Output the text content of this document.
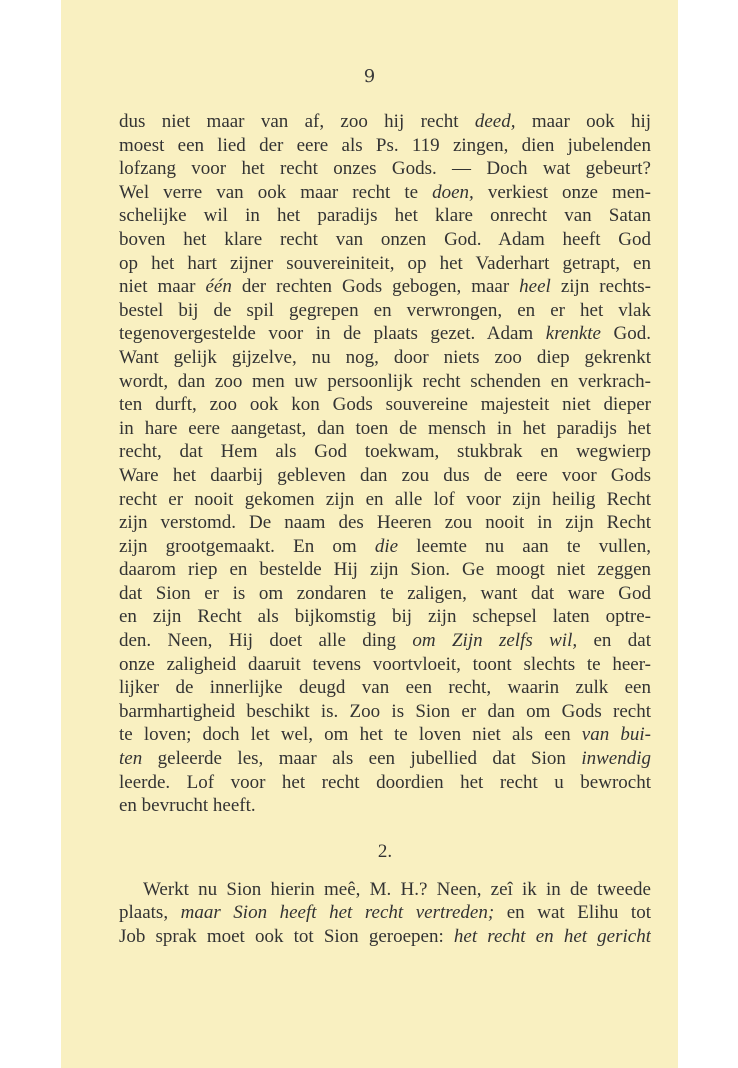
9
dus niet maar van af, zoo hij recht deed, maar ook hij
moest een lied der eere als Ps. 119 zingen, dien jubelenden
lofzang voor het recht onzes Gods. — Doch wat gebeurt?
Wel verre van ook maar recht te doen, verkiest onze men-
schelijke wil in het paradijs het klare onrecht van Satan
boven het klare recht van onzen God. Adam heeft God
op het hart zijner souvereiniteit, op het Vaderhart getrapt, en
niet maar één der rechten Gods gebogen, maar heel zijn rechts-
bestel bij de spil gegrepen en verwrongen, en er het vlak
tegenovergestelde voor in de plaats gezet. Adam krenkte God.
Want gelijk gijzelve, nu nog, door niets zoo diep gekrenkt
wordt, dan zoo men uw persoonlijk recht schenden en verkrach-
ten durft, zoo ook kon Gods souvereine majesteit niet dieper
in hare eere aangetast, dan toen de mensch in het paradijs het
recht, dat Hem als God toekwam, stukbrak en wegwierp
Ware het daarbij gebleven dan zou dus de eere voor Gods
recht er nooit gekomen zijn en alle lof voor zijn heilig Recht
zijn verstomd. De naam des Heeren zou nooit in zijn Recht
zijn grootgemaakt. En om die leemte nu aan te vullen,
daarom riep en bestelde Hij zijn Sion. Ge moogt niet zeggen
dat Sion er is om zondaren te zaligen, want dat ware God
en zijn Recht als bijkomstig bij zijn schepsel laten optre-
den. Neen, Hij doet alle ding om Zijn zelfs wil, en dat
onze zaligheid daaruit tevens voortvloeit, toont slechts te heer-
lijker de innerlijke deugd van een recht, waarin zulk een
barmhartigheid beschikt is. Zoo is Sion er dan om Gods recht
te loven; doch let wel, om het te loven niet als een van bui-
ten geleerde les, maar als een jubellied dat Sion inwendig
leerde. Lof voor het recht doordien het recht u bewrocht
en bevrucht heeft.
2.
Werkt nu Sion hierin meê, M. H.? Neen, zeî ik in de tweede
plaats, maar Sion heeft het recht vertreden; en wat Elihu tot
Job sprak moet ook tot Sion geroepen: het recht en het gericht
